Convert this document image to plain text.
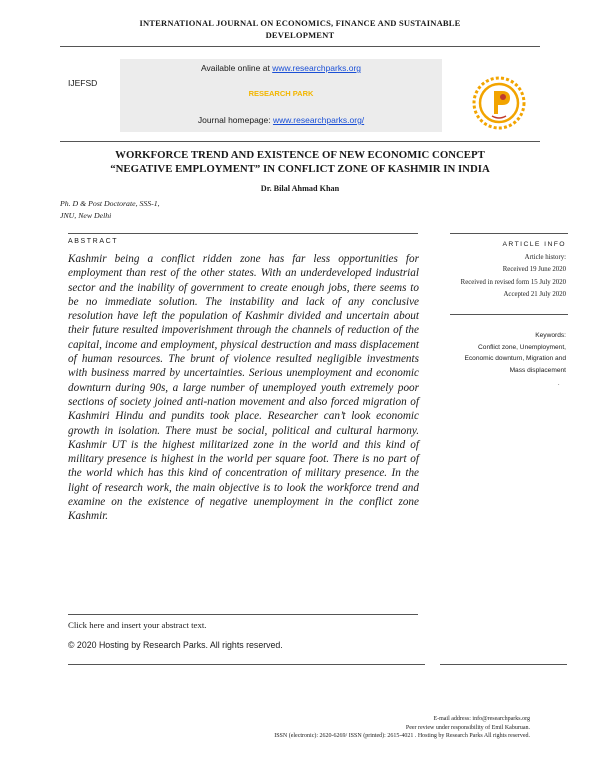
INTERNATIONAL JOURNAL ON ECONOMICS, FINANCE AND SUSTAINABLE
DEVELOPMENT
IJEFSD
Available online at www.researchparks.org
RESEARCH PARK
Journal homepage: www.researchparks.org/
WORKFORCE TREND AND EXISTENCE OF NEW ECONOMIC CONCEPT
“NEGATIVE EMPLOYMENT” IN CONFLICT ZONE OF KASHMIR IN INDIA
Dr. Bilal Ahmad Khan
Ph. D & Post Doctorate, SSS-1,
JNU, New Delhi
ABSTRACT
Kashmir being a conflict ridden zone has far less opportunities for employment than rest of the other states. With an underdeveloped industrial sector and the inability of government to create enough jobs, there seems to be no immediate solution. The instability and lack of any conclusive resolution have left the population of Kashmir divided and uncertain about their future resulted impoverishment through the channels of reduction of the capital, income and employment, physical destruction and mass displacement of human resources. The brunt of violence resulted negligible investments with business marred by uncertainties. Serious unemployment and economic downturn during 90s, a large number of unemployed youth extremely poor sections of society joined anti-nation movement and also forced migration of Kashmiri Hindu and pundits took place. Researcher can’t look economic growth in isolation. There must be social, political and cultural harmony. Kashmir UT is the highest militarized zone in the world and this kind of military presence is highest in the world per square foot. There is no part of the world which has this kind of concentration of military presence. In the light of research work, the main objective is to look the workforce trend and examine on the existence of negative unemployment in the conflict zone Kashmir.
ARTICLE INFO
Article history:
Received 19 June 2020
Received in revised form 15 July 2020
Accepted 21 July 2020
Keywords:
Conflict zone, Unemployment,
Economic downturn, Migration and
Mass displacement
.
Click here and insert your abstract text.
© 2020 Hosting by Research Parks. All rights reserved.
E-mail address: info@researchparks.org
Peer review under responsibility of Emil Kaburuan.
ISSN (electronic): 2620-6269/ ISSN (printed): 2615-4021 . Hosting by Research Parks All rights reserved.
